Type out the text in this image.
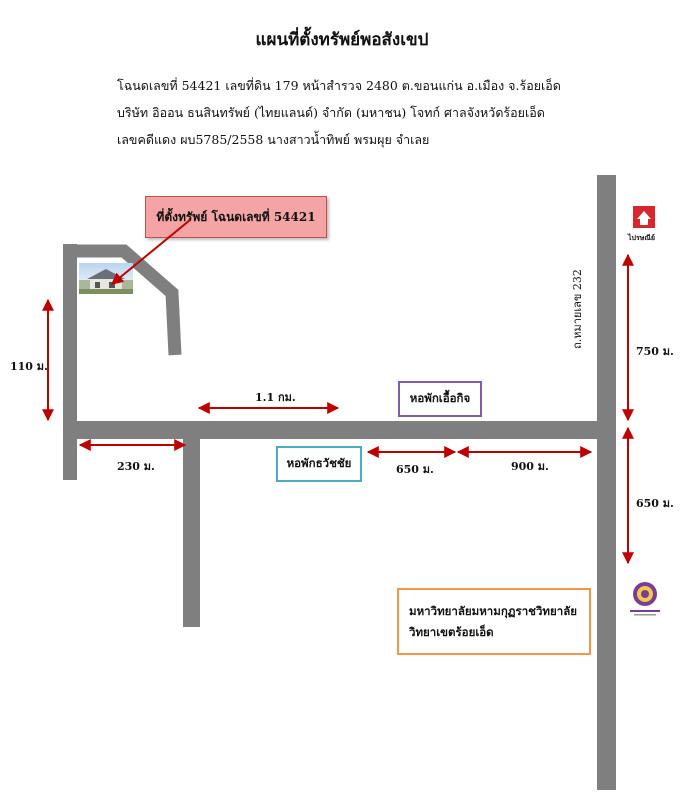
แผนที่ตั้งทรัพย์พอสังเขป
โฉนดเลขที่ 54421 เลขที่ดิน 179 หน้าสำรวจ 2480 ต.ขอนแก่น อ.เมือง จ.ร้อยเอ็ด
บริษัท อิออน ธนสินทรัพย์ (ไทยแลนด์) จำกัด (มหาชน) โจทก์ ศาลจังหวัดร้อยเอ็ด
เลขคดีแดง ผบ5785/2558 นางสาวน้ำทิพย์ พรมผุย จำเลย
ที่ตั้งทรัพย์ โฉนดเลขที่ 54421
110 ม.
230 ม.
1.1 กม.
650 ม.	900 ม.
750 ม.
650 ม.
ถ.หมายเลข 232
หอพักเอื้อกิจ
หอพักธวัชชัย
มหาวิทยาลัยมหามกุฏราชวิทยาลัย
วิทยาเขตร้อยเอ็ด
ไปรษณีย์
